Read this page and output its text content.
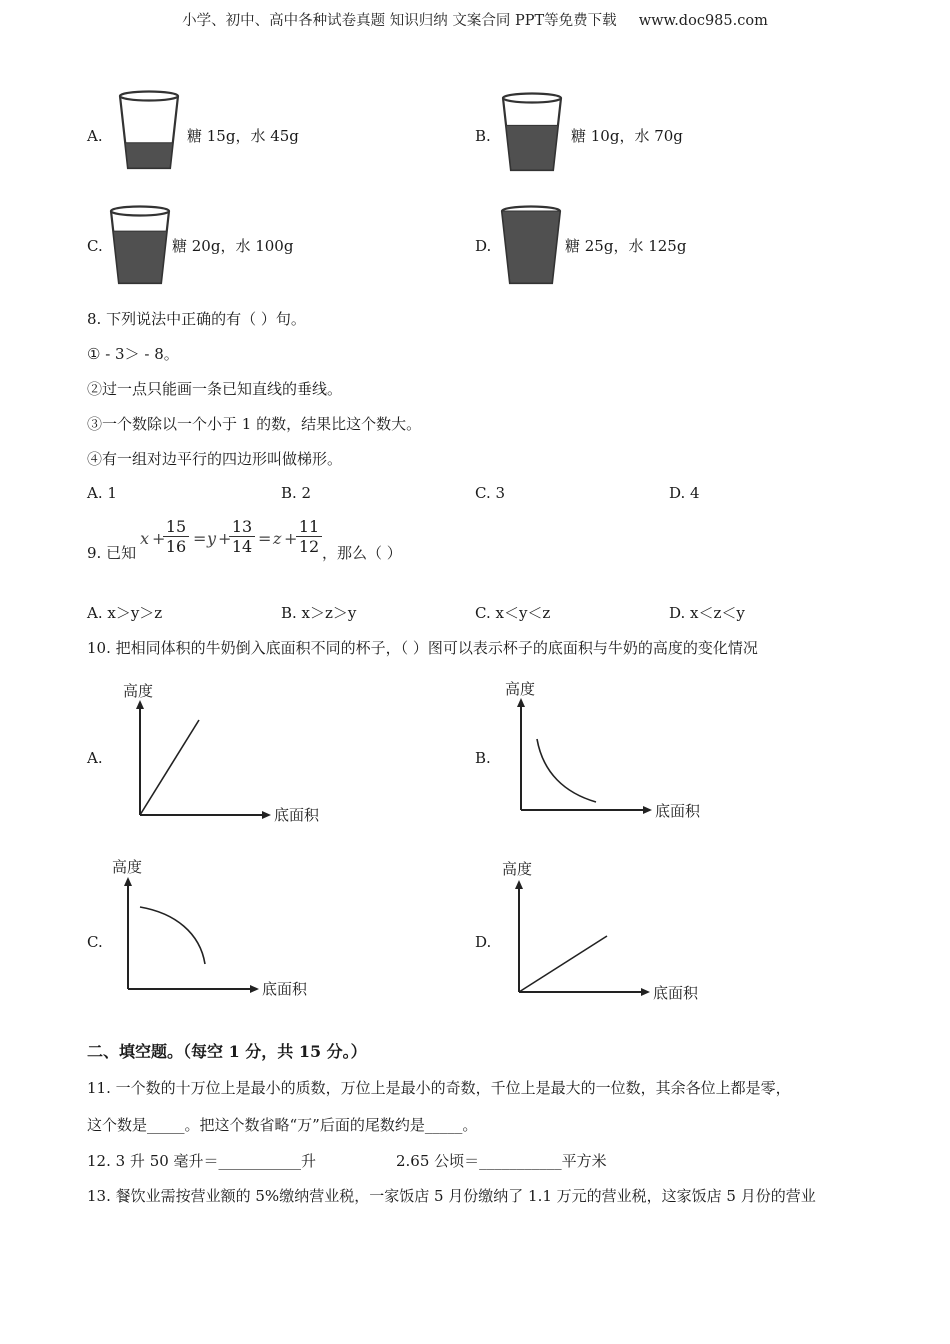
小学、初中、高中各种试卷真题 知识归纳 文案合同 PPT等免费下载 www.doc985.com
A.	糖 15g，水 45g	B.	糖 10g，水 70g
C.	糖 20g，水 100g	D.	糖 25g，水 125g
8. 下列说法中正确的有（ ）句。
① - 3＞ - 8。
②过一点只能画一条已知直线的垂线。
③一个数除以一个小于 1 的数，结果比这个数大。
④有一组对边平行的四边形叫做梯形。
A. 1	B. 2	C. 3	D. 4
9. 已知
x +
$\frac{15}{16} = y$ +
$\frac{13}{14} = z$ +
$\frac{11}{12}$ ，那么（ ）
A. x＞y＞z	B. x＞z＞y	C. x＜y＜z	D. x＜z＜y
10. 把相同体积的牛奶倒入底面积不同的杯子，（ ）图可以表示杯子的底面积与牛奶的高度的变化情况
A.
高度
底面积
B.
高度
底面积
C.
高度
底面积
D.
高度
底面积
二、填空题。（每空 1 分，共 15 分。）
11. 一个数的十万位上是最小的质数，万位上是最小的奇数，千位上是最大的一位数，其余各位上都是零，
这个数是_____。把这个数省略“万”后面的尾数约是_____。
12. 3 升 50 毫升＝___________升	2.65 公顷＝___________平方米
13. 餐饮业需按营业额的 5%缴纳营业税，一家饭店 5 月份缴纳了 1.1 万元的营业税，这家饭店 5 月份的营业
